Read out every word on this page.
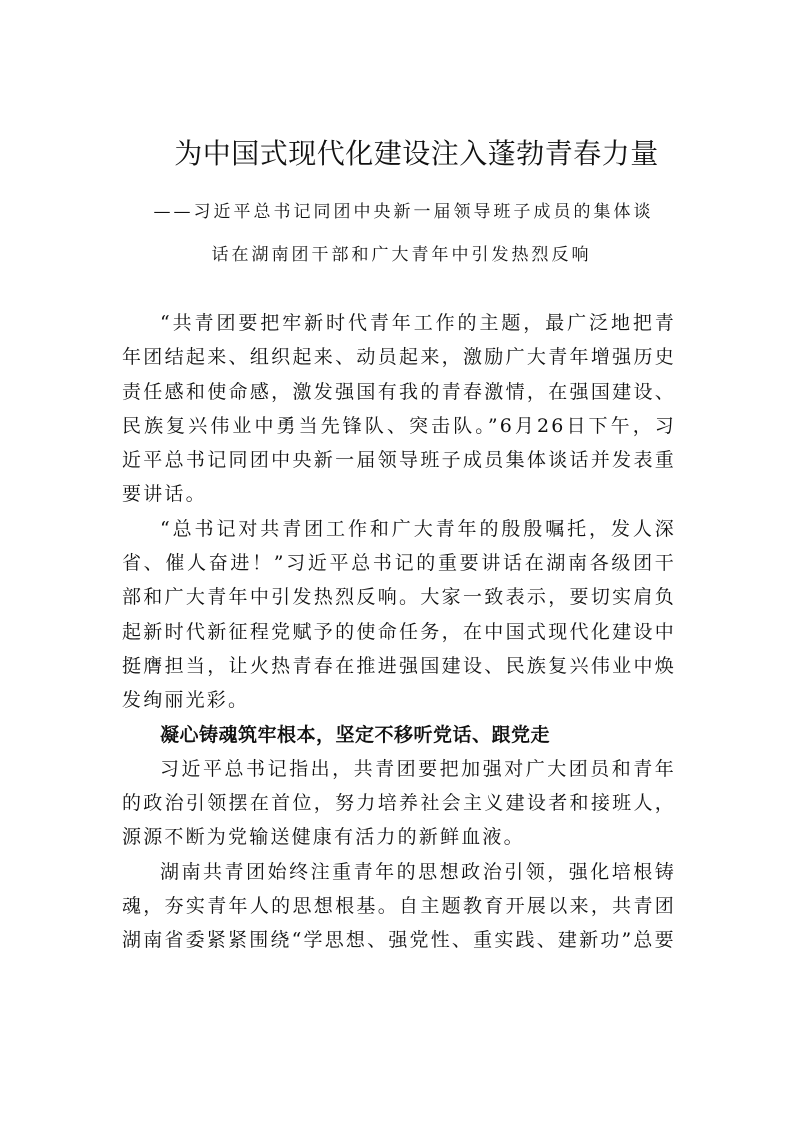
为中国式现代化建设注入蓬勃青春力量
——习近平总书记同团中央新一届领导班子成员的集体谈
话在湖南团干部和广大青年中引发热烈反响

“共青团要把牢新时代青年工作的主题，最广泛地把青年团结起来、组织起来、动员起来，激励广大青年增强历史责任感和使命感，激发强国有我的青春激情，在强国建设、民族复兴伟业中勇当先锋队、突击队。”6月26日下午，习近平总书记同团中央新一届领导班子成员集体谈话并发表重要讲话。

“总书记对共青团工作和广大青年的殷殷嘱托，发人深省、催人奋进！”习近平总书记的重要讲话在湖南各级团干部和广大青年中引发热烈反响。大家一致表示，要切实肩负起新时代新征程党赋予的使命任务，在中国式现代化建设中挺膺担当，让火热青春在推进强国建设、民族复兴伟业中焕发绚丽光彩。

凝心铸魂筑牢根本，坚定不移听党话、跟党走

习近平总书记指出，共青团要把加强对广大团员和青年的政治引领摆在首位，努力培养社会主义建设者和接班人，源源不断为党输送健康有活力的新鲜血液。

湖南共青团始终注重青年的思想政治引领，强化培根铸魂，夯实青年人的思想根基。自主题教育开展以来，共青团湖南省委紧紧围绕“学思想、强党性、重实践、建新功”总要
